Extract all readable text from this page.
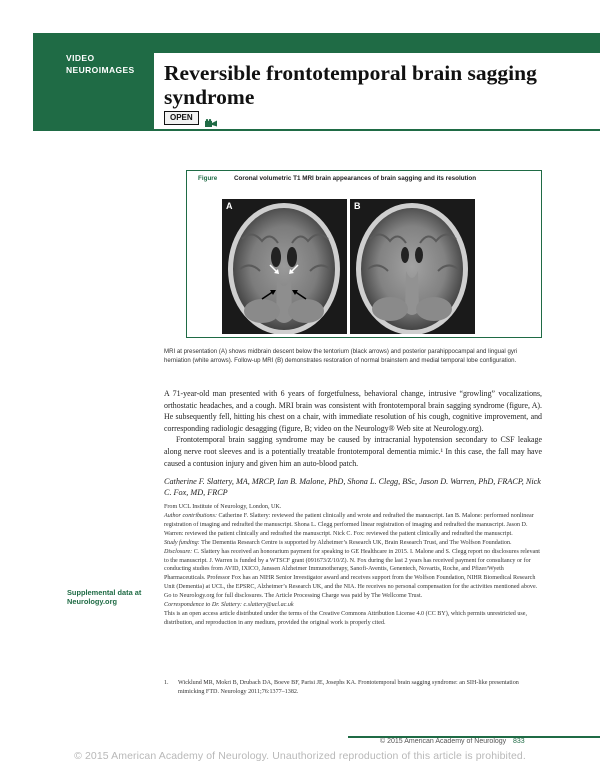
VIDEO NEUROIMAGES	Reversible frontotemporal brain sagging syndrome
OPEN
Figure	Coronal volumetric T1 MRI brain appearances of brain sagging and its resolution
A	B

MRI at presentation (A) shows midbrain descent below the tentorium (black arrows) and posterior parahippocampal and lingual gyri herniation (white arrows). Follow-up MRI (B) demonstrates restoration of normal brainstem and medial temporal lobe configuration.

A 71-year-old man presented with 6 years of forgetfulness, behavioral change, intrusive “growling” vocalizations, orthostatic headaches, and a cough. MRI brain was consistent with frontotemporal brain sagging syndrome (figure, A). He subsequently fell, hitting his chest on a chair, with immediate resolution of his cough, cognitive improvement, and corresponding radiologic desagging (figure, B; video on the Neurology® Web site at Neurology.org).

Frontotemporal brain sagging syndrome may be caused by intracranial hypotension secondary to CSF leakage along nerve root sleeves and is a potentially treatable frontotemporal dementia mimic.¹ In this case, the fall may have caused a contusion injury and given him an auto-blood patch.

Catherine F. Slattery, MA, MRCP, Ian B. Malone, PhD, Shona L. Clegg, BSc, Jason D. Warren, PhD, FRACP, Nick C. Fox, MD, FRCP

From UCL Institute of Neurology, London, UK.

Author contributions: Catherine F. Slattery: reviewed the patient clinically and wrote and redrafted the manuscript. Ian B. Malone: performed nonlinear registration of imaging and redrafted the manuscript. Shona L. Clegg performed linear registration of imaging and redrafted the manuscript. Jason D. Warren: reviewed the patient clinically and redrafted the manuscript. Nick C. Fox: reviewed the patient clinically and redrafted the manuscript.

Study funding: The Dementia Research Centre is supported by Alzheimer’s Research UK, Brain Research Trust, and The Wolfson Foundation.

Disclosure: C. Slattery has received an honorarium payment for speaking to GE Healthcare in 2015. I. Malone and S. Clegg report no disclosures relevant to the manuscript. J. Warren is funded by a WTSCF grant (091673/Z/10/Z). N. Fox during the last 2 years has received payment for consultancy or for conducting studies from AVID, IXICO, Janssen Alzheimer Immunotherapy, Sanofi-Aventis, Genentech, Novartis, Roche, and Pfizer/Wyeth Pharmaceuticals. Professor Fox has an NIHR Senior Investigator award and receives support from the Wolfson Foundation, NIHR Biomedical Research Unit (Dementia) at UCL, the EPSRC, Alzheimer’s Research UK, and the NIA. He receives no personal compensation for the activities mentioned above. Go to Neurology.org for full disclosures. The Article Processing Charge was paid by The Wellcome Trust.

Correspondence to Dr. Slattery: c.slattery@ucl.ac.uk

This is an open access article distributed under the terms of the Creative Commons Attribution License 4.0 (CC BY), which permits unrestricted use, distribution, and reproduction in any medium, provided the original work is properly cited.

Supplemental data at Neurology.org
1.	Wicklund MR, Mokri B, Drubach DA, Boeve BF, Parisi JE, Josephs KA. Frontotemporal brain sagging syndrome: an SIH-like presentation mimicking FTD. Neurology 2011;76:1377–1382.
© 2015 American Academy of Neurology 833
© 2015 American Academy of Neurology. Unauthorized reproduction of this article is prohibited.
